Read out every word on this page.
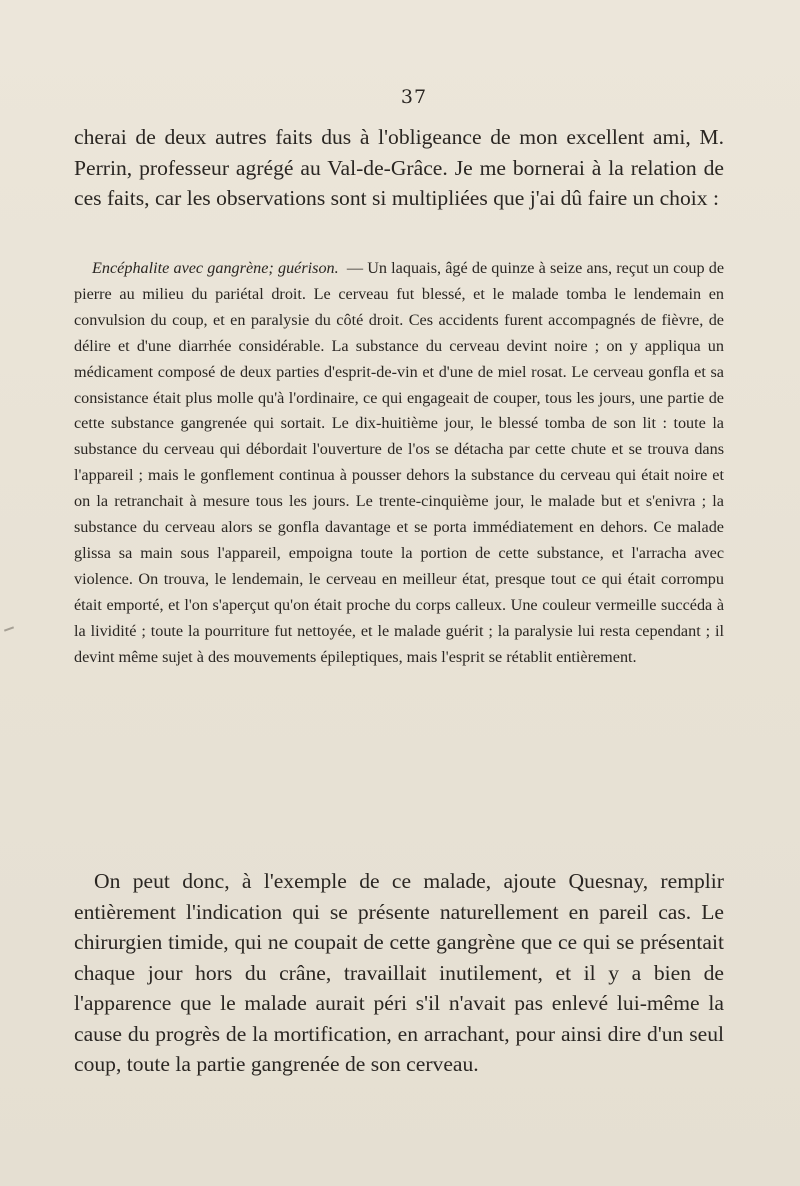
37

cherai de deux autres faits dus à l'obligeance de mon excellent ami, M. Perrin, professeur agrégé au Val-de-Grâce. Je me bornerai à la relation de ces faits, car les observations sont si multipliées que j'ai dû faire un choix :

Encéphalite avec gangrène; guérison. — Un laquais, âgé de quinze à seize ans, reçut un coup de pierre au milieu du pariétal droit. Le cerveau fut blessé, et le malade tomba le lendemain en convulsion du coup, et en paralysie du côté droit. Ces accidents furent accompagnés de fièvre, de délire et d'une diarrhée considérable. La substance du cerveau devint noire ; on y appliqua un médicament composé de deux parties d'esprit-de-vin et d'une de miel rosat. Le cerveau gonfla et sa consistance était plus molle qu'à l'ordinaire, ce qui engageait de couper, tous les jours, une partie de cette substance gangrenée qui sortait. Le dix-huitième jour, le blessé tomba de son lit : toute la substance du cerveau qui débordait l'ouverture de l'os se détacha par cette chute et se trouva dans l'appareil ; mais le gonflement continua à pousser dehors la substance du cerveau qui était noire et on la retranchait à mesure tous les jours. Le trente-cinquième jour, le malade but et s'enivra ; la substance du cerveau alors se gonfla davantage et se porta immédiatement en dehors. Ce malade glissa sa main sous l'appareil, empoigna toute la portion de cette substance, et l'arracha avec violence. On trouva, le lendemain, le cerveau en meilleur état, presque tout ce qui était corrompu était emporté, et l'on s'aperçut qu'on était proche du corps calleux. Une couleur vermeille succéda à la lividité ; toute la pourriture fut nettoyée, et le malade guérit ; la paralysie lui resta cependant ; il devint même sujet à des mouvements épileptiques, mais l'esprit se rétablit entièrement.

On peut donc, à l'exemple de ce malade, ajoute Quesnay, remplir entièrement l'indication qui se présente naturellement en pareil cas. Le chirurgien timide, qui ne coupait de cette gangrène que ce qui se présentait chaque jour hors du crâne, travaillait inutilement, et il y a bien de l'apparence que le malade aurait péri s'il n'avait pas enlevé lui-même la cause du progrès de la mortification, en arrachant, pour ainsi dire d'un seul coup, toute la partie gangrenée de son cerveau.
